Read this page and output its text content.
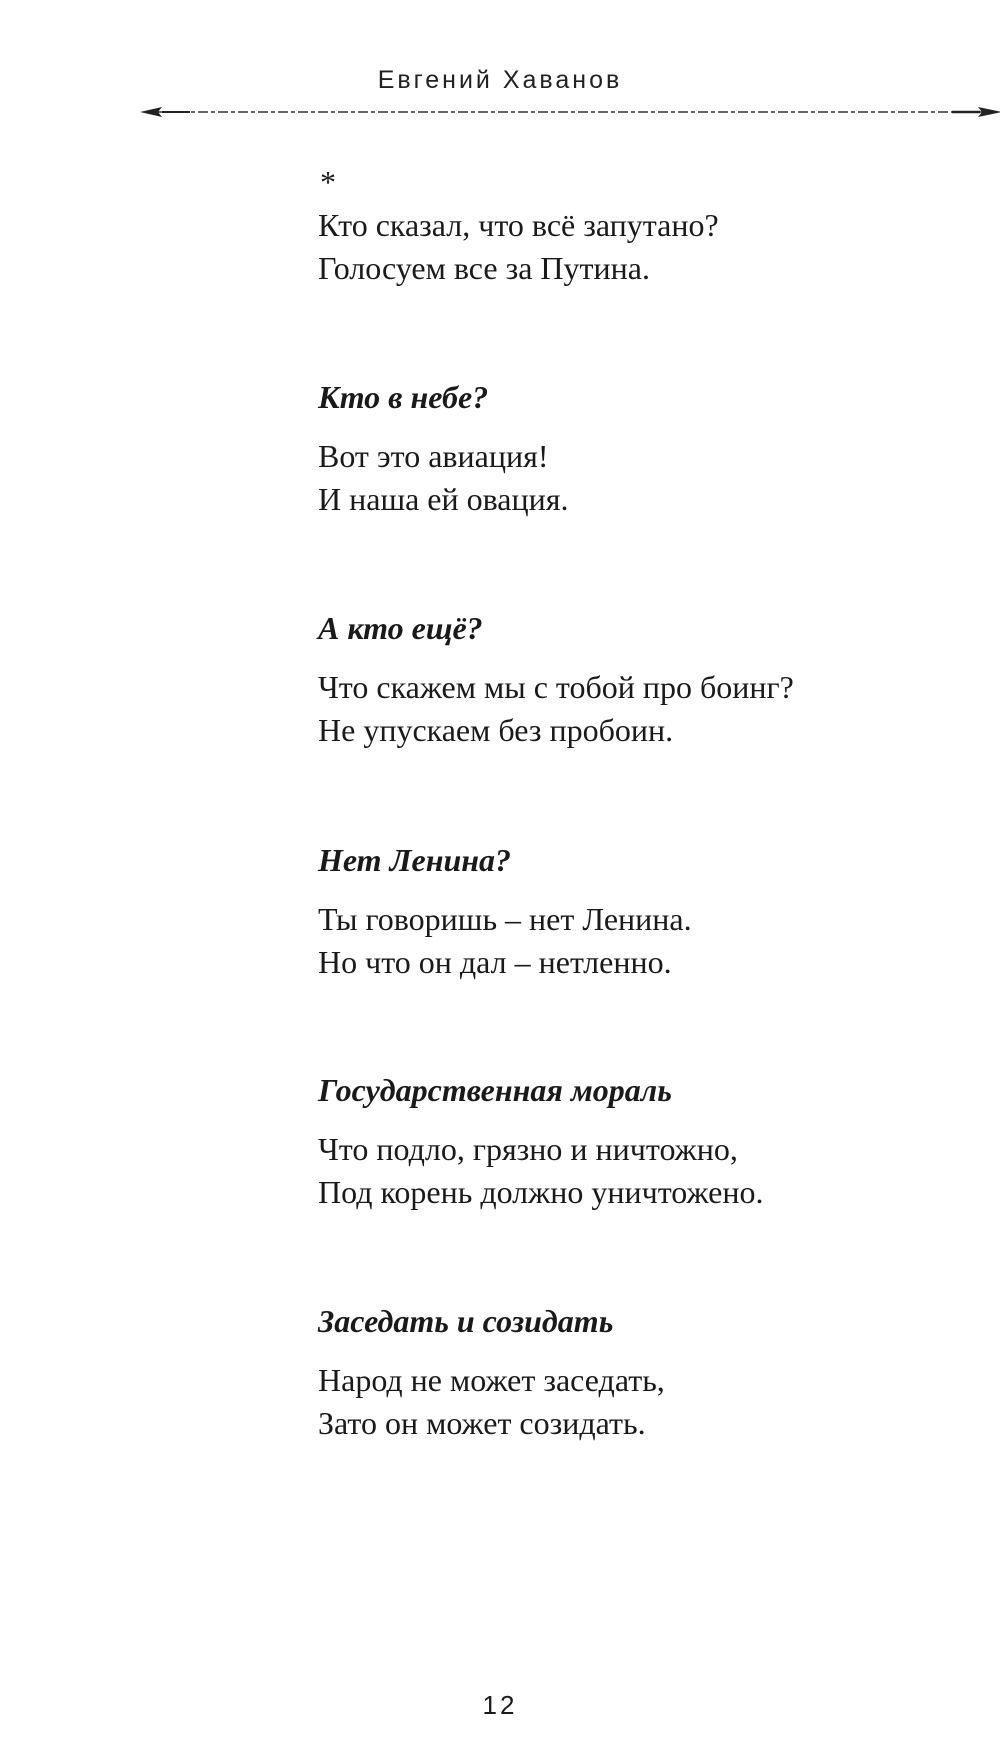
Евгений Хаванов
*
Кто сказал, что всё запутано?
Голосуем все за Путина.
Кто в небе?
Вот это авиация!
И наша ей овация.
А кто ещё?
Что скажем мы с тобой про боинг?
Не упускаем без пробоин.
Нет Ленина?
Ты говоришь – нет Ленина.
Но что он дал – нетленно.
Государственная мораль
Что подло, грязно и ничтожно,
Под корень должно уничтожено.
Заседать и созидать
Народ не может заседать,
Зато он может созидать.
12
